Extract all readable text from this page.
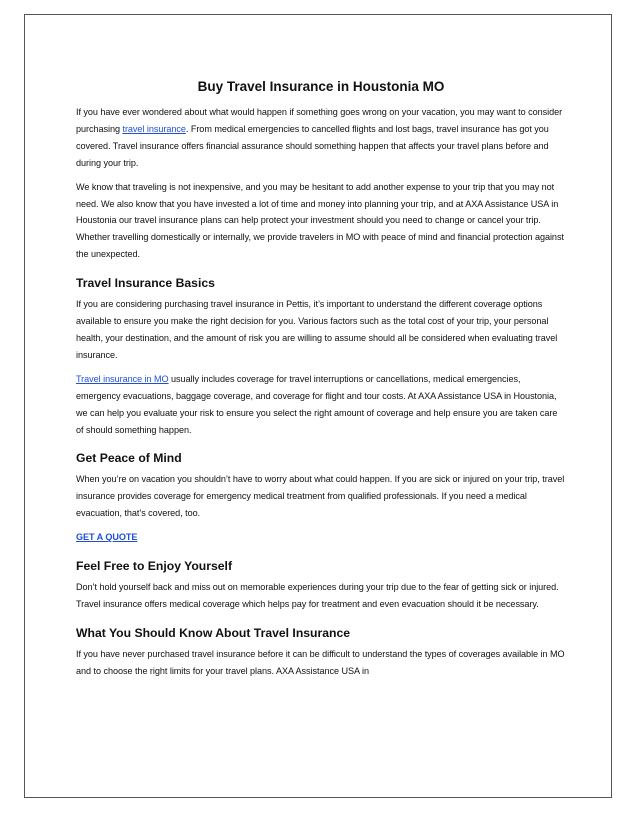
Buy Travel Insurance in Houstonia MO

If you have ever wondered about what would happen if something goes wrong on your vacation, you may want to consider purchasing travel insurance. From medical emergencies to cancelled flights and lost bags, travel insurance has got you covered. Travel insurance offers financial assurance should something happen that affects your travel plans before and during your trip.

We know that traveling is not inexpensive, and you may be hesitant to add another expense to your trip that you may not need. We also know that you have invested a lot of time and money into planning your trip, and at AXA Assistance USA in Houstonia our travel insurance plans can help protect your investment should you need to change or cancel your trip. Whether travelling domestically or internally, we provide travelers in MO with peace of mind and financial protection against the unexpected.

Travel Insurance Basics

If you are considering purchasing travel insurance in Pettis, it’s important to understand the different coverage options available to ensure you make the right decision for you. Various factors such as the total cost of your trip, your personal health, your destination, and the amount of risk you are willing to assume should all be considered when evaluating travel insurance.

Travel insurance in MO usually includes coverage for travel interruptions or cancellations, medical emergencies, emergency evacuations, baggage coverage, and coverage for flight and tour costs. At AXA Assistance USA in Houstonia, we can help you evaluate your risk to ensure you select the right amount of coverage and help ensure you are taken care of should something happen.

Get Peace of Mind

When you’re on vacation you shouldn’t have to worry about what could happen. If you are sick or injured on your trip, travel insurance provides coverage for emergency medical treatment from qualified professionals. If you need a medical evacuation, that’s covered, too.

GET A QUOTE

Feel Free to Enjoy Yourself

Don’t hold yourself back and miss out on memorable experiences during your trip due to the fear of getting sick or injured. Travel insurance offers medical coverage which helps pay for treatment and even evacuation should it be necessary.

What You Should Know About Travel Insurance

If you have never purchased travel insurance before it can be difficult to understand the types of coverages available in MO and to choose the right limits for your travel plans. AXA Assistance USA in
